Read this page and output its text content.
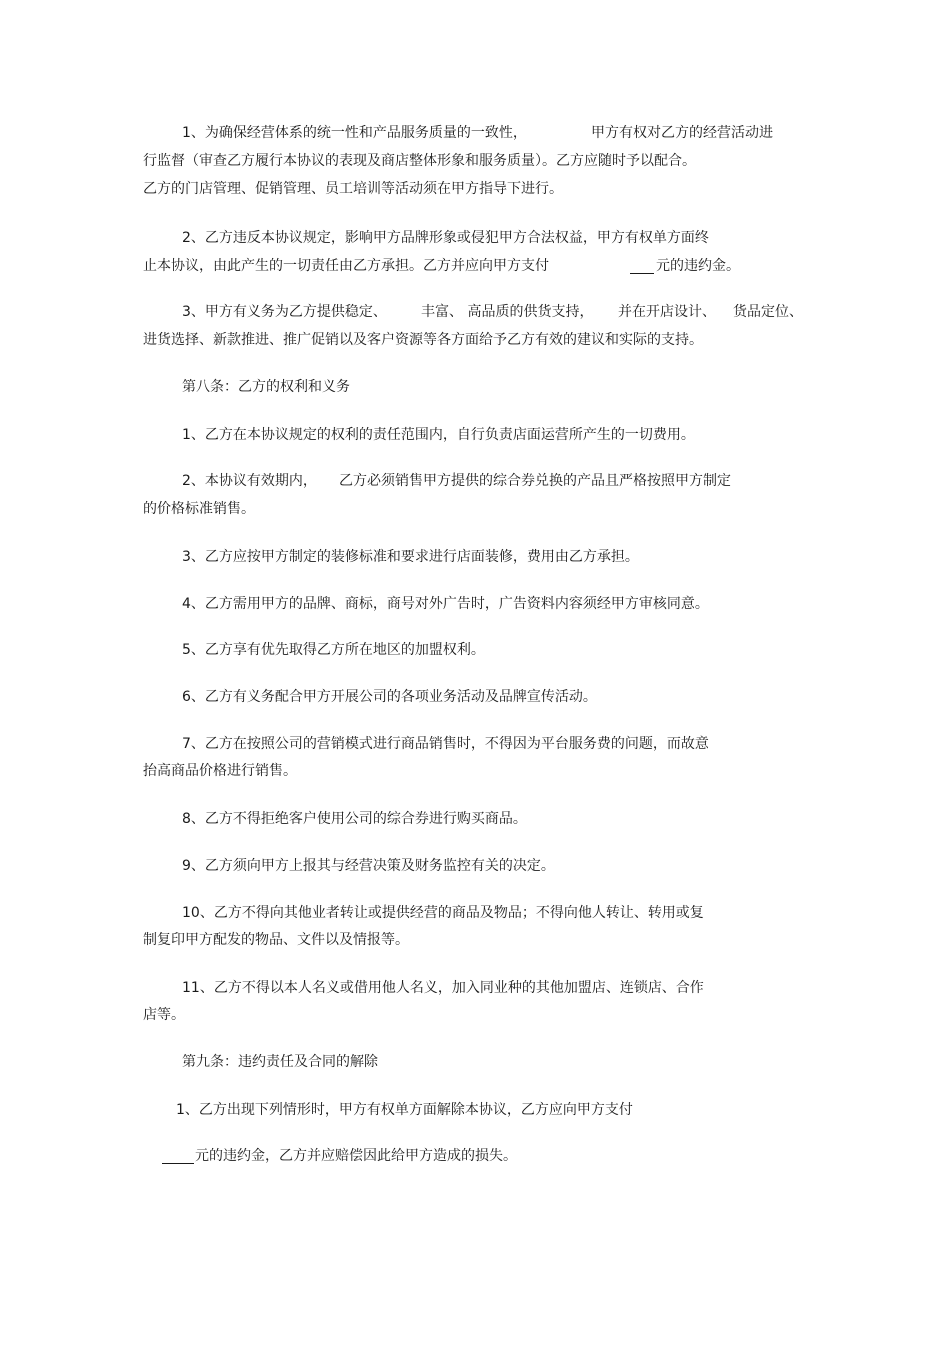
1、为确保经营体系的统一性和产品服务质量的一致性，	甲方有权对乙方的经营活动进
行监督（审查乙方履行本协议的表现及商店整体形象和服务质量）。乙方应随时予以配合。
乙方的门店管理、促销管理、员工培训等活动须在甲方指导下进行。
2、乙方违反本协议规定，影响甲方品牌形象或侵犯甲方合法权益，甲方有权单方面终
止本协议，由此产生的一切责任由乙方承担。乙方并应向甲方支付	元的违约金。
3、甲方有义务为乙方提供稳定、 丰富、 高品质的供货支持， 并在开店设计、 货品定位、
进货选择、新款推进、推广促销以及客户资源等各方面给予乙方有效的建议和实际的支持。
第八条：乙方的权利和义务
1、乙方在本协议规定的权利的责任范围内，自行负责店面运营所产生的一切费用。
2、本协议有效期内， 乙方必须销售甲方提供的综合券兑换的产品且严格按照甲方制定
的价格标准销售。
3、乙方应按甲方制定的装修标准和要求进行店面装修，费用由乙方承担。
4、乙方需用甲方的品牌、商标，商号对外广告时，广告资料内容须经甲方审核同意。
5、乙方享有优先取得乙方所在地区的加盟权利。
6、乙方有义务配合甲方开展公司的各项业务活动及品牌宣传活动。
7、乙方在按照公司的营销模式进行商品销售时，不得因为平台服务费的问题，而故意
抬高商品价格进行销售。
8、乙方不得拒绝客户使用公司的综合券进行购买商品。
9、乙方须向甲方上报其与经营决策及财务监控有关的决定。
10、乙方不得向其他业者转让或提供经营的商品及物品；不得向他人转让、转用或复
制复印甲方配发的物品、文件以及情报等。
11、乙方不得以本人名义或借用他人名义，加入同业种的其他加盟店、连锁店、合作
店等。
第九条：违约责任及合同的解除
1、乙方出现下列情形时，甲方有权单方面解除本协议，乙方应向甲方支付
元的违约金，乙方并应赔偿因此给甲方造成的损失。
